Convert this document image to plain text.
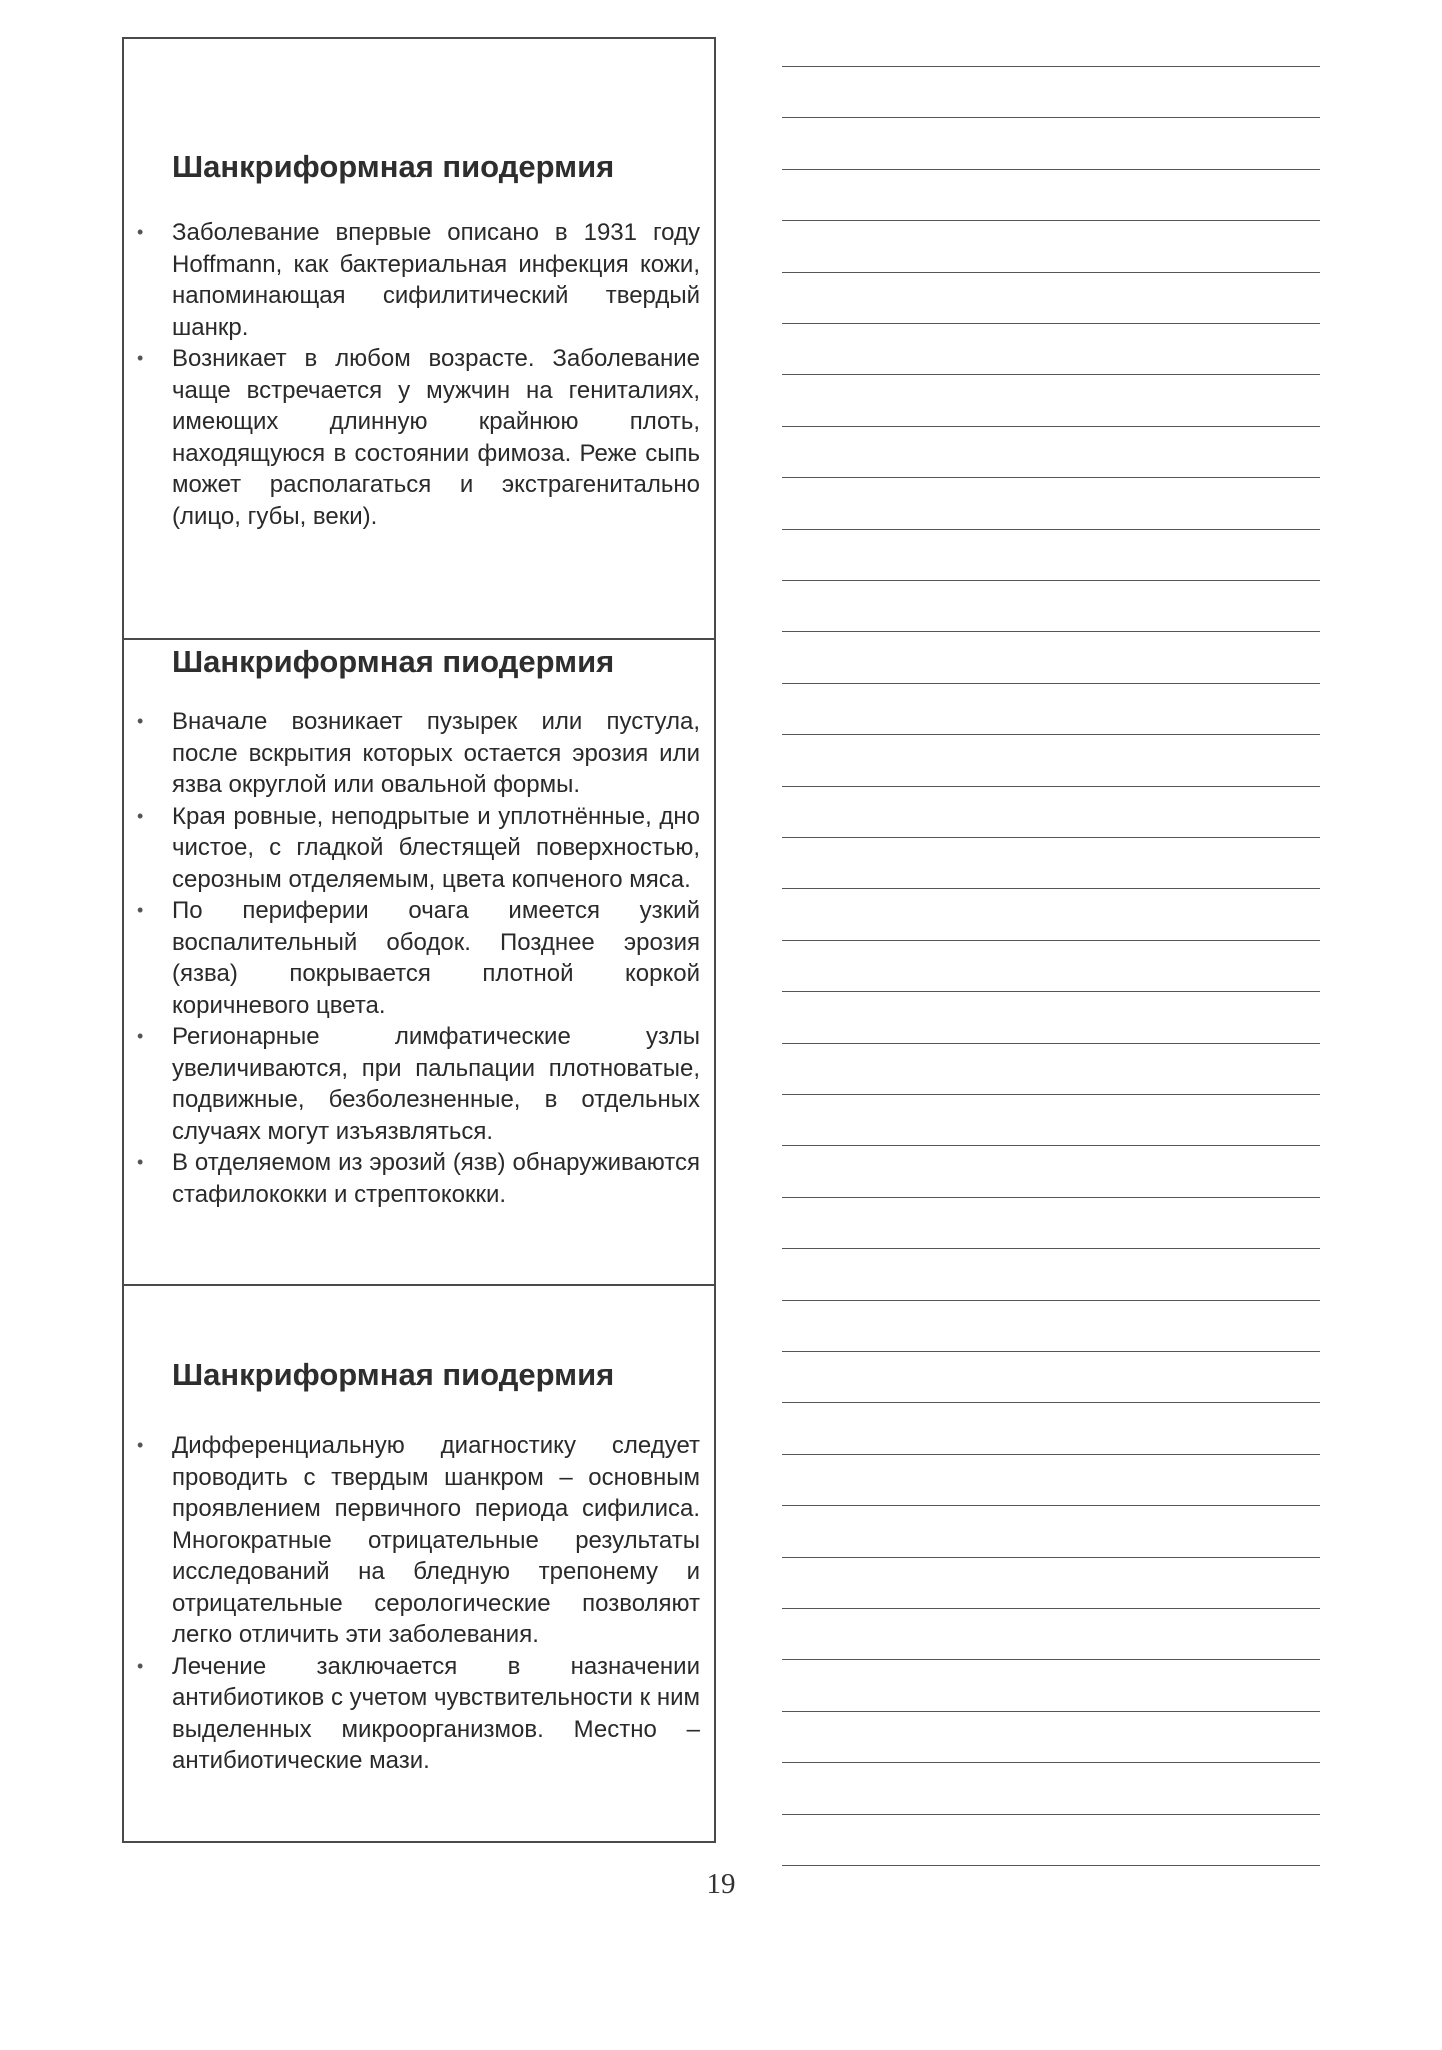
Шанкриформная пиодермия
• Заболевание впервые описано в 1931 году Hoffmann, как бактериальная инфекция кожи, напоминающая сифилитический твердый шанкр.
• Возникает в любом возрасте. Заболевание чаще встречается у мужчин на гениталиях, имеющих длинную крайнюю плоть, находящуюся в состоянии фимоза. Реже сыпь может располагаться и экстрагенитально (лицо, губы, веки).
Шанкриформная пиодермия
• Вначале возникает пузырек или пустула, после вскрытия которых остается эрозия или язва округлой или овальной формы.
• Края ровные, неподрытые и уплотнённые, дно чистое, с гладкой блестящей поверхностью, серозным отделяемым, цвета копченого мяса.
• По периферии очага имеется узкий воспалительный ободок. Позднее эрозия (язва) покрывается плотной коркой коричневого цвета.
• Регионарные лимфатические узлы увеличиваются, при пальпации плотноватые, подвижные, безболезненные, в отдельных случаях могут изъязвляться.
• В отделяемом из эрозий (язв) обнаруживаются стафилококки и стрептококки.
Шанкриформная пиодермия
• Дифференциальную диагностику следует проводить с твердым шанкром – основным проявлением первичного периода сифилиса. Многократные отрицательные результаты исследований на бледную трепонему и отрицательные серологические позволяют легко отличить эти заболевания.
• Лечение заключается в назначении антибиотиков с учетом чувствительности к ним выделенных микроорганизмов. Местно – антибиотические мази.
19
